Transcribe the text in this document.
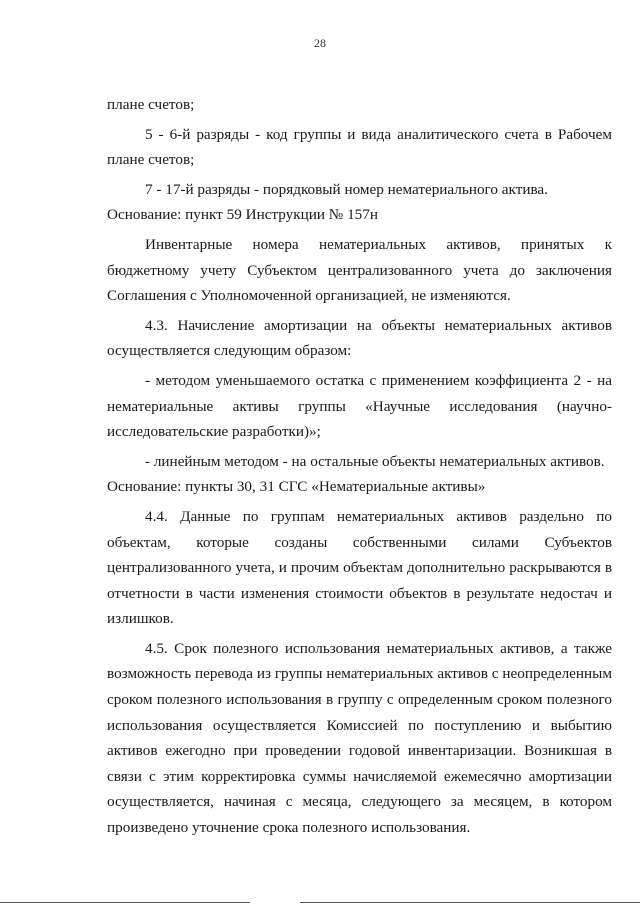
28

плане счетов;

5 - 6-й разряды - код группы и вида аналитического счета в Рабочем плане счетов;

7 - 17-й разряды - порядковый номер нематериального актива.

Основание: пункт 59 Инструкции № 157н

Инвентарные номера нематериальных активов, принятых к бюджетному учету Субъектом централизованного учета до заключения Соглашения с Уполномоченной организацией, не изменяются.

4.3. Начисление амортизации на объекты нематериальных активов осуществляется следующим образом:

- методом уменьшаемого остатка с применением коэффициента 2 - на нематериальные активы группы «Научные исследования (научно-исследовательские разработки)»;

- линейным методом - на остальные объекты нематериальных активов.

Основание: пункты 30, 31 СГС «Нематериальные активы»

4.4. Данные по группам нематериальных активов раздельно по объектам, которые созданы собственными силами Субъектов централизованного учета, и прочим объектам дополнительно раскрываются в отчетности в части изменения стоимости объектов в результате недостач и излишков.

4.5. Срок полезного использования нематериальных активов, а также возможность перевода из группы нематериальных активов с неопределенным сроком полезного использования в группу с определенным сроком полезного использования осуществляется Комиссией по поступлению и выбытию активов ежегодно при проведении годовой инвентаризации. Возникшая в связи с этим корректировка суммы начисляемой ежемесячно амортизации осуществляется, начиная с месяца, следующего за месяцем, в котором произведено уточнение срока полезного использования.
